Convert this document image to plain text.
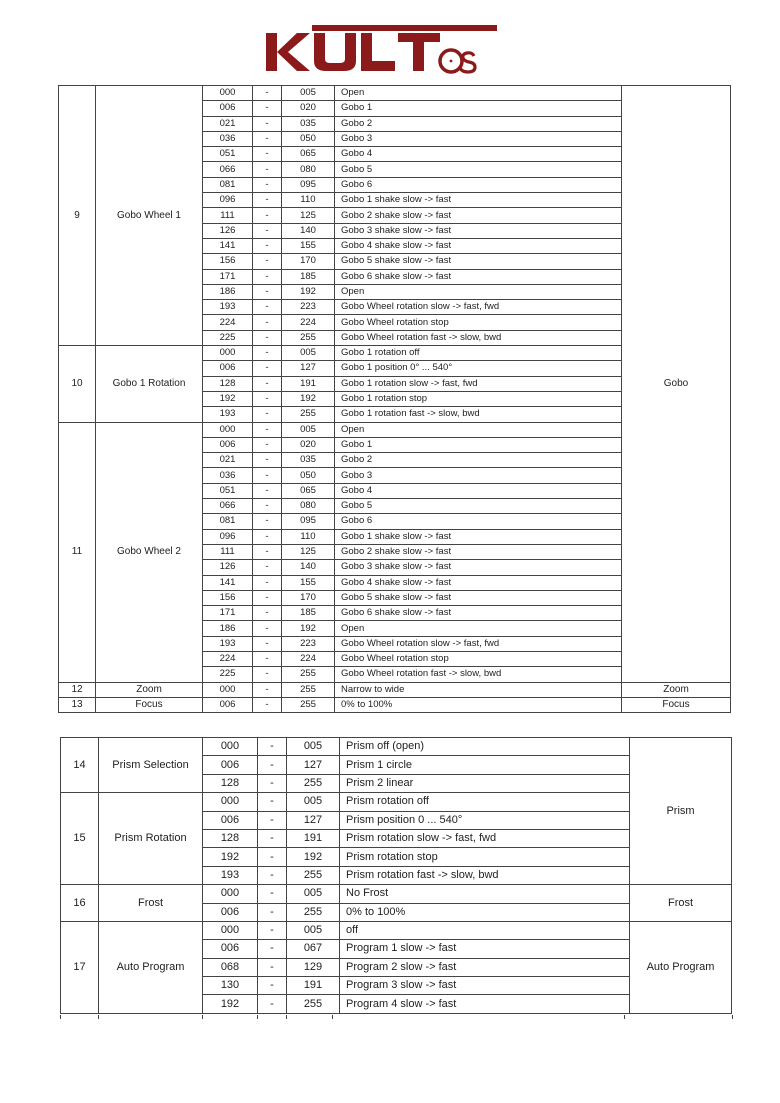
9	Gobo Wheel 1	000	-	005	Open	Gobo
		006	-	020	Gobo 1	
		021	-	035	Gobo 2	
		036	-	050	Gobo 3	
		051	-	065	Gobo 4	
		066	-	080	Gobo 5	
		081	-	095	Gobo 6	
		096	-	110	Gobo 1 shake slow -> fast	
		111	-	125	Gobo 2 shake slow -> fast	
		126	-	140	Gobo 3 shake slow -> fast	
		141	-	155	Gobo 4 shake slow -> fast	
		156	-	170	Gobo 5 shake slow -> fast	
		171	-	185	Gobo 6 shake slow -> fast	
		186	-	192	Open	
		193	-	223	Gobo Wheel rotation slow -> fast, fwd	
		224	-	224	Gobo Wheel rotation stop	
		225	-	255	Gobo Wheel rotation fast -> slow, bwd	
10	Gobo 1 Rotation	000	-	005	Gobo 1 rotation off	
		006	-	127	Gobo 1 position 0° ... 540°	
		128	-	191	Gobo 1 rotation slow -> fast, fwd	
		192	-	192	Gobo 1 rotation stop	
		193	-	255	Gobo 1 rotation fast -> slow, bwd	
11	Gobo Wheel 2	000	-	005	Open	
		006	-	020	Gobo 1	
		021	-	035	Gobo 2	
		036	-	050	Gobo 3	
		051	-	065	Gobo 4	
		066	-	080	Gobo 5	
		081	-	095	Gobo 6	
		096	-	110	Gobo 1 shake slow -> fast	
		111	-	125	Gobo 2 shake slow -> fast	
		126	-	140	Gobo 3 shake slow -> fast	
		141	-	155	Gobo 4 shake slow -> fast	
		156	-	170	Gobo 5 shake slow -> fast	
		171	-	185	Gobo 6 shake slow -> fast	
		186	-	192	Open	
		193	-	223	Gobo Wheel rotation slow -> fast, fwd	
		224	-	224	Gobo Wheel rotation stop	
		225	-	255	Gobo Wheel rotation fast -> slow, bwd	
12	Zoom	000	-	255	Narrow to wide	Zoom
13	Focus	006	-	255	0% to 100%	Focus
14	Prism Selection	000	-	005	Prism off (open)	Prism
		006	-	127	Prism 1 circle	
		128	-	255	Prism 2 linear	
15	Prism Rotation	000	-	005	Prism rotation off	
		006	-	127	Prism position 0 ... 540°	
		128	-	191	Prism rotation slow -> fast, fwd	
		192	-	192	Prism rotation stop	
		193	-	255	Prism rotation fast -> slow, bwd	
16	Frost	000	-	005	No Frost	Frost
		006	-	255	0% to 100%	
17	Auto Program	000	-	005	off	Auto Program
		006	-	067	Program 1 slow -> fast	
		068	-	129	Program 2 slow -> fast	
		130	-	191	Program 3 slow -> fast	
		192	-	255	Program 4 slow -> fast	
